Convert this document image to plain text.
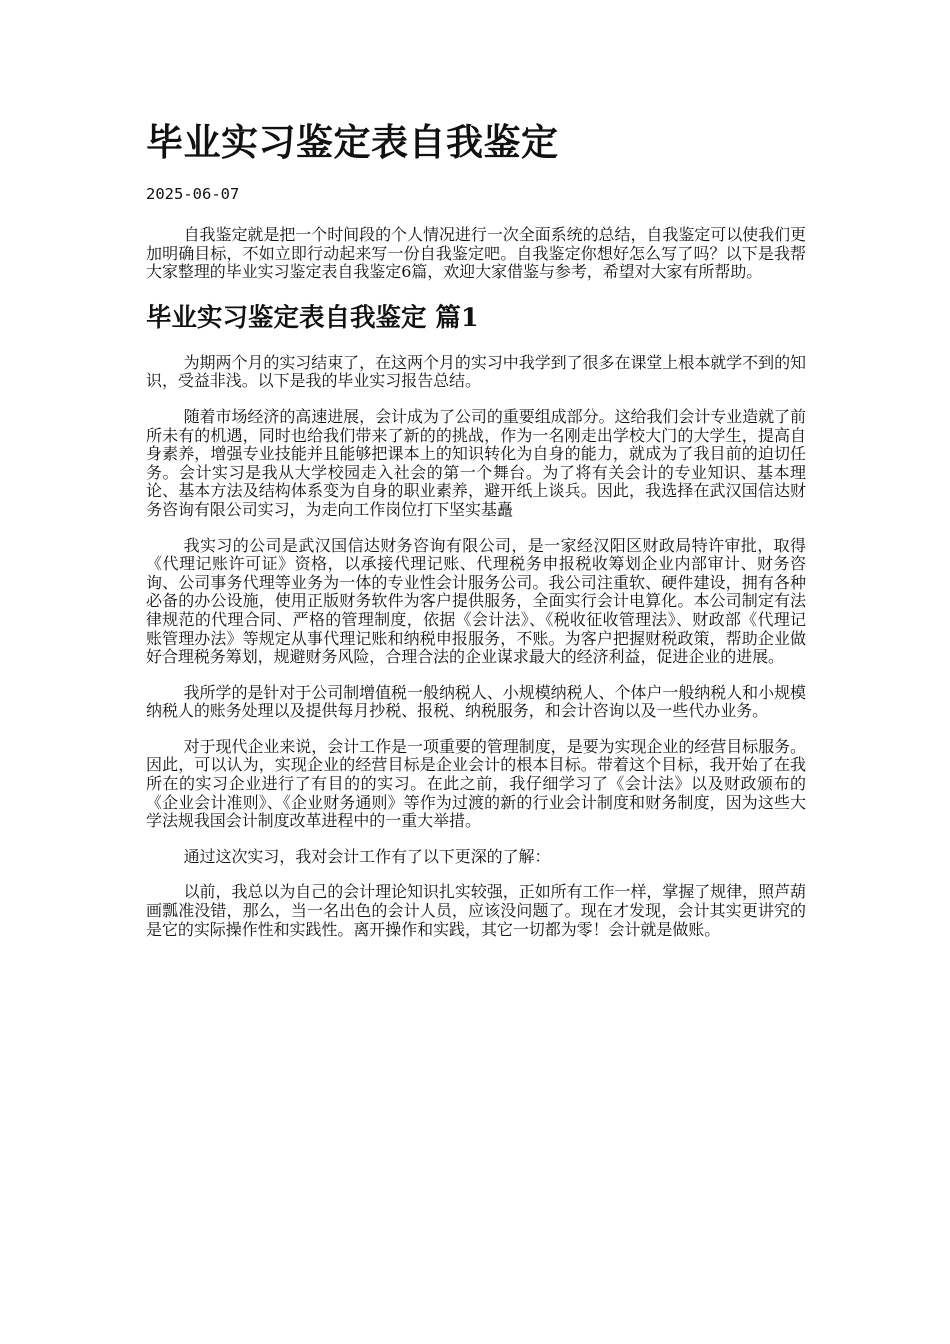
毕业实习鉴定表自我鉴定
2025-06-07

自我鉴定就是把一个时间段的个人情况进行一次全面系统的总结，自我鉴定可以使我们更加明确目标，不如立即行动起来写一份自我鉴定吧。自我鉴定你想好怎么写了吗？以下是我帮大家整理的毕业实习鉴定表自我鉴定6篇，欢迎大家借鉴与参考，希望对大家有所帮助。

毕业实习鉴定表自我鉴定 篇1

为期两个月的实习结束了，在这两个月的实习中我学到了很多在课堂上根本就学不到的知识，受益非浅。以下是我的毕业实习报告总结。

随着市场经济的高速进展，会计成为了公司的重要组成部分。这给我们会计专业造就了前所未有的机遇，同时也给我们带来了新的的挑战，作为一名刚走出学校大门的大学生，提高自身素养，增强专业技能并且能够把课本上的知识转化为自身的能力，就成为了我目前的迫切任务。会计实习是我从大学校园走入社会的第一个舞台。为了将有关会计的专业知识、基本理论、基本方法及结构体系变为自身的职业素养，避开纸上谈兵。因此，我选择在武汉国信达财务咨询有限公司实习，为走向工作岗位打下坚实基矗

我实习的公司是武汉国信达财务咨询有限公司，是一家经汉阳区财政局特许审批，取得《代理记账许可证》资格，以承接代理记账、代理税务申报税收筹划企业内部审计、财务咨询、公司事务代理等业务为一体的专业性会计服务公司。我公司注重软、硬件建设，拥有各种必备的办公设施，使用正版财务软件为客户提供服务，全面实行会计电算化。本公司制定有法律规范的代理合同、严格的管理制度，依据《会计法》、《税收征收管理法》、财政部《代理记账管理办法》等规定从事代理记账和纳税申报服务，不账。为客户把握财税政策，帮助企业做好合理税务筹划，规避财务风险，合理合法的企业谋求最大的经济利益，促进企业的进展。

我所学的是针对于公司制增值税一般纳税人、小规模纳税人、个体户一般纳税人和小规模纳税人的账务处理以及提供每月抄税、报税、纳税服务，和会计咨询以及一些代办业务。

对于现代企业来说，会计工作是一项重要的管理制度，是要为实现企业的经营目标服务。因此，可以认为，实现企业的经营目标是企业会计的根本目标。带着这个目标，我开始了在我所在的实习企业进行了有目的的实习。在此之前，我仔细学习了《会计法》以及财政颁布的《企业会计准则》、《企业财务通则》等作为过渡的新的行业会计制度和财务制度，因为这些大学法规我国会计制度改革进程中的一重大举措。

通过这次实习，我对会计工作有了以下更深的了解：

以前，我总以为自己的会计理论知识扎实较强，正如所有工作一样，掌握了规律，照芦葫画瓢准没错，那么，当一名出色的会计人员，应该没问题了。现在才发现，会计其实更讲究的是它的实际操作性和实践性。离开操作和实践，其它一切都为零！会计就是做账。
